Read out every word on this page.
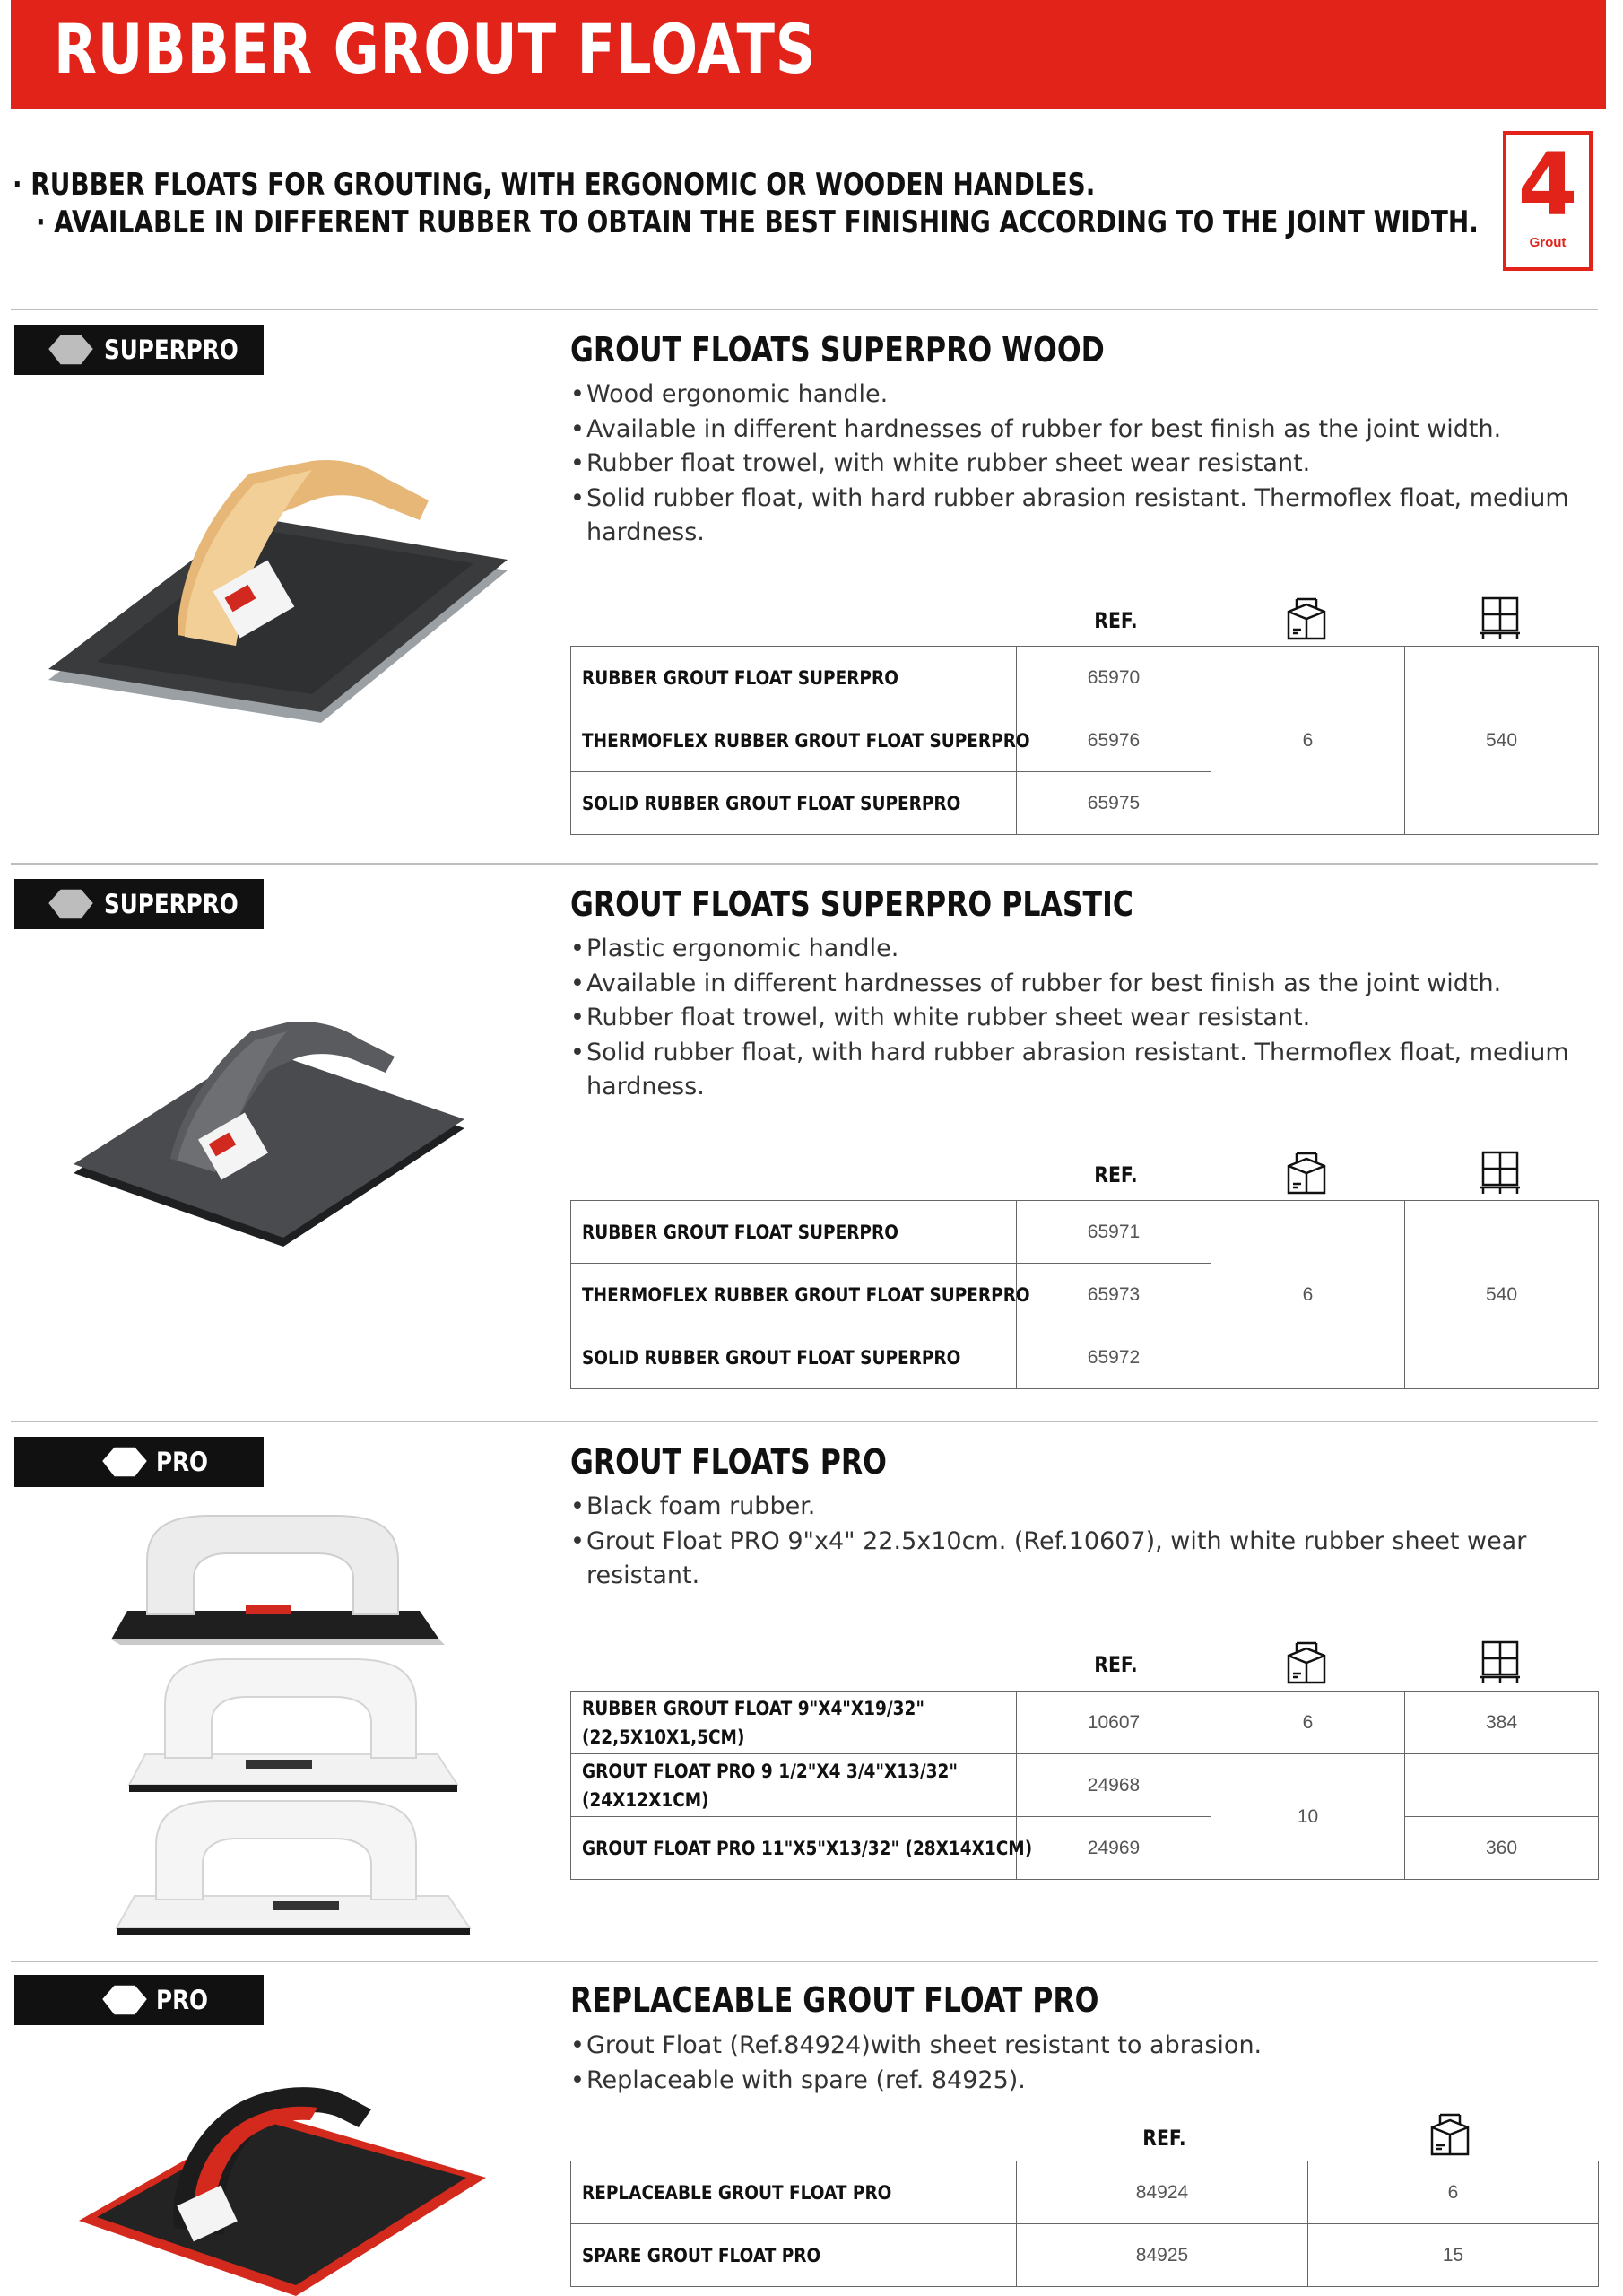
RUBBER GROUT FLOATS
· RUBBER FLOATS FOR GROUTING, WITH ERGONOMIC OR WOODEN HANDLES.
· AVAILABLE IN DIFFERENT RUBBER TO OBTAIN THE BEST FINISHING ACCORDING TO THE JOINT WIDTH. 4
Grout
SUPERPRO	GROUT FLOATS SUPERPRO WOOD
• Wood ergonomic handle.
• Available in different hardnesses of rubber for best finish as the joint width.
• Rubber float trowel, with white rubber sheet wear resistant.
• Solid rubber float, with hard rubber abrasion resistant. Thermoflex float, medium hardness.
REF.
RUBBER GROUT FLOAT SUPERPRO	65970	6	540
THERMOFLEX RUBBER GROUT FLOAT SUPERPRO	65976		
SOLID RUBBER GROUT FLOAT SUPERPRO	65975		
SUPERPRO	GROUT FLOATS SUPERPRO PLASTIC
• Plastic ergonomic handle.
• Available in different hardnesses of rubber for best finish as the joint width.
• Rubber float trowel, with white rubber sheet wear resistant.
• Solid rubber float, with hard rubber abrasion resistant. Thermoflex float, medium hardness.
REF.
RUBBER GROUT FLOAT SUPERPRO	65971	6	540
THERMOFLEX RUBBER GROUT FLOAT SUPERPRO	65973		
SOLID RUBBER GROUT FLOAT SUPERPRO	65972		
PRO	GROUT FLOATS PRO
• Black foam rubber.
• Grout Float PRO 9"x4" 22.5x10cm. (Ref.10607), with white rubber sheet wear resistant.
REF.
RUBBER GROUT FLOAT 9"X4"X19/32"
(22,5X10X1,5CM)	10607	6	384
GROUT FLOAT PRO 9 1/2"X4 3/4"X13/32"
(24X12X1CM)	24968	10	
GROUT FLOAT PRO 11"X5"X13/32" (28X14X1CM)	24969		360
PRO	REPLACEABLE GROUT FLOAT PRO
• Grout Float (Ref.84924)with sheet resistant to abrasion.
• Replaceable with spare (ref. 84925).
REF.
REPLACEABLE GROUT FLOAT PRO	84924	6
SPARE GROUT FLOAT PRO	84925	15
